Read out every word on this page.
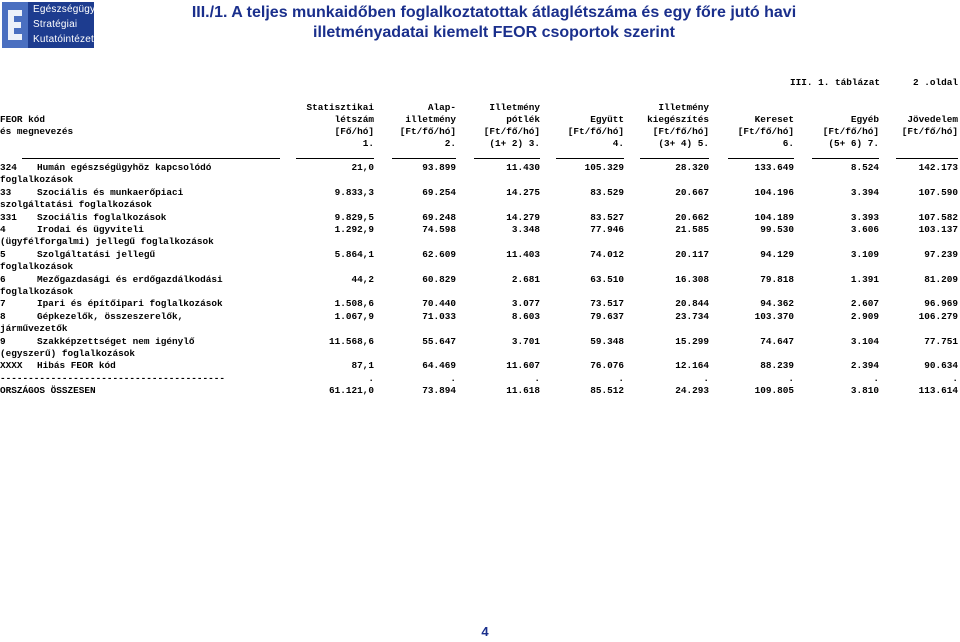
Egészségügyi
Stratégiai
Kutatóintézet
III./1. A teljes munkaidőben foglalkoztatottak átlaglétszáma és egy főre jutó havi
illetményadatai kiemelt FEOR csoportok szerint
III. 1. táblázat	2 .oldal
FEOR kód
és megnevezés
Statisztikai
létszám
[Fő/hó]
1.
Alap-
illetmény
[Ft/fő/hó]
2.
Illetmény
pótlék
[Ft/fő/hó]
(1+ 2) 3.
Együtt
[Ft/fő/hó]
4.
Illetmény
kiegészítés
[Ft/fő/hó]
(3+ 4) 5.
Kereset
[Ft/fő/hó]
6.
Egyéb
[Ft/fő/hó]
(5+ 6) 7.
Jövedelem
[Ft/fő/hó]
324 Humán egészségügyhöz kapcsolódó	21,0	93.899	11.430	105.329	28.320	133.649	8.524	142.173
foglalkozások
33	Szociális és munkaerőpiaci	9.833,3	69.254	14.275	83.529	20.667	104.196	3.394	107.590
szolgáltatási foglalkozások
331 Szociális foglalkozások	9.829,5	69.248	14.279	83.527	20.662	104.189	3.393	107.582
4	Irodai és ügyviteli	1.292,9	74.598	3.348	77.946	21.585	99.530	3.606	103.137
(ügyfélforgalmi) jellegű foglalkozások
5	Szolgáltatási jellegű	5.864,1	62.609	11.403	74.012	20.117	94.129	3.109	97.239
foglalkozások
6	Mezőgazdasági és erdőgazdálkodási	44,2	60.829	2.681	63.510	16.308	79.818	1.391	81.209
foglalkozások
7	Ipari és építőipari foglalkozások	1.508,6	70.440	3.077	73.517	20.844	94.362	2.607	96.969
8	Gépkezelők, összeszerelők,	1.067,9	71.033	8.603	79.637	23.734	103.370	2.909	106.279
járművezetők
9	Szakképzettséget nem igénylő	11.568,6	55.647	3.701	59.348	15.299	74.647	3.104	77.751
(egyszerű) foglalkozások
XXXX Hibás FEOR kód	87,1	64.469	11.607	76.076	12.164	88.239	2.394	90.634
----------------------------------------	.	.	.	.	.	.	.	.
ORSZÁGOS ÖSSZESEN	61.121,0	73.894	11.618	85.512	24.293	109.805	3.810	113.614
4
